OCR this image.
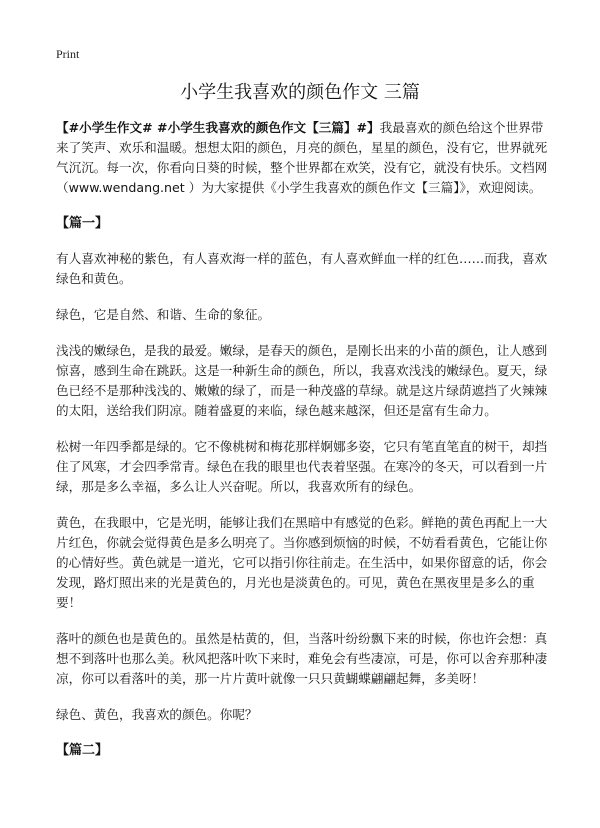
Print
小学生我喜欢的颜色作文 三篇

【#小学生作文# #小学生我喜欢的颜色作文【三篇】#】我最喜欢的颜色给这个世界带来了笑声、欢乐和温暖。想想太阳的颜色，月亮的颜色，星星的颜色，没有它，世界就死气沉沉。每一次，你看向日葵的时候，整个世界都在欢笑，没有它，就没有快乐。文档网（www.wendang.net ）为大家提供《小学生我喜欢的颜色作文【三篇】》，欢迎阅读。

【篇一】

有人喜欢神秘的紫色，有人喜欢海一样的蓝色，有人喜欢鲜血一样的红色……而我，喜欢绿色和黄色。

绿色，它是自然、和谐、生命的象征。

浅浅的嫩绿色，是我的最爱。嫩绿，是春天的颜色，是刚长出来的小苗的颜色，让人感到惊喜，感到生命在跳跃。这是一种新生命的颜色，所以，我喜欢浅浅的嫩绿色。夏天，绿色已经不是那种浅浅的、嫩嫩的绿了，而是一种茂盛的草绿。就是这片绿荫遮挡了火辣辣的太阳，送给我们阴凉。随着盛夏的来临，绿色越来越深，但还是富有生命力。

松树一年四季都是绿的。它不像桃树和梅花那样婀娜多姿，它只有笔直笔直的树干，却挡住了风寒，才会四季常青。绿色在我的眼里也代表着坚强。在寒冷的冬天，可以看到一片绿，那是多么幸福，多么让人兴奋呢。所以，我喜欢所有的绿色。

黄色，在我眼中，它是光明，能够让我们在黑暗中有感觉的色彩。鲜艳的黄色再配上一大片红色，你就会觉得黄色是多么明亮了。当你感到烦恼的时候，不妨看看黄色，它能让你的心情好些。黄色就是一道光，它可以指引你往前走。在生活中，如果你留意的话，你会发现，路灯照出来的光是黄色的，月光也是淡黄色的。可见，黄色在黑夜里是多么的重要！

落叶的颜色也是黄色的。虽然是枯黄的，但，当落叶纷纷飘下来的时候，你也许会想：真想不到落叶也那么美。秋风把落叶吹下来时，难免会有些凄凉，可是，你可以舍弃那种凄凉，你可以看落叶的美，那一片片黄叶就像一只只黄蝴蝶翩翩起舞，多美呀！

绿色、黄色，我喜欢的颜色。你呢？

【篇二】
